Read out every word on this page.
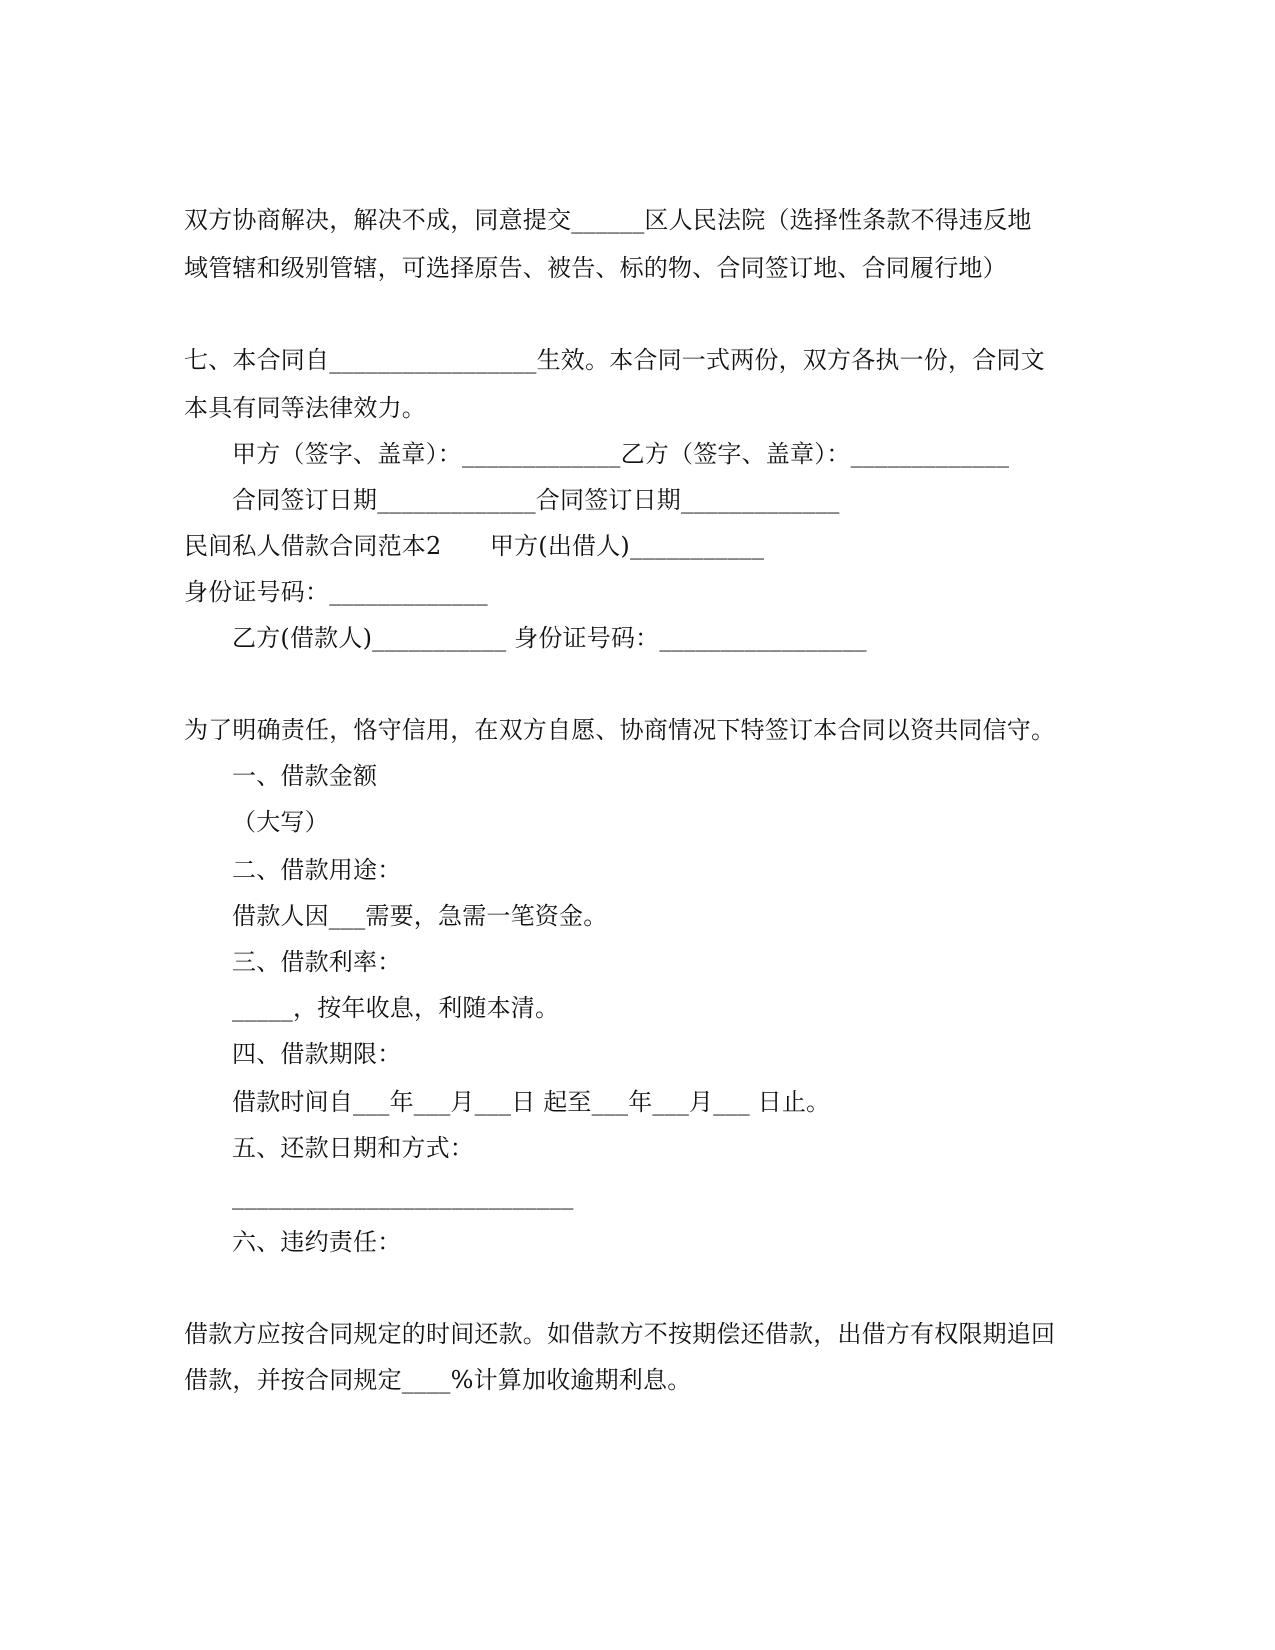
双方协商解决，解决不成，同意提交______区人民法院（选择性条款不得违反地
域管辖和级别管辖，可选择原告、被告、标的物、合同签订地、合同履行地）
七、本合同自_________________生效。本合同一式两份，双方各执一份，合同文
本具有同等法律效力。
甲方（签字、盖章）：_____________乙方（签字、盖章）：_____________
合同签订日期_____________合同签订日期_____________
民间私人借款合同范本2　　甲方(出借人)___________
身份证号码：_____________
乙方(借款人)___________ 身份证号码：_________________
为了明确责任，恪守信用，在双方自愿、协商情况下特签订本合同以资共同信守。
一、借款金额
（大写）
二、借款用途：
借款人因___需要，急需一笔资金。
三、借款利率：
_____，按年收息，利随本清。
四、借款期限：
借款时间自___年___月___日 起至___年___月___ 日止。
五、还款日期和方式：
____________________________
六、违约责任：
借款方应按合同规定的时间还款。如借款方不按期偿还借款，出借方有权限期追回
借款，并按合同规定____%计算加收逾期利息。
